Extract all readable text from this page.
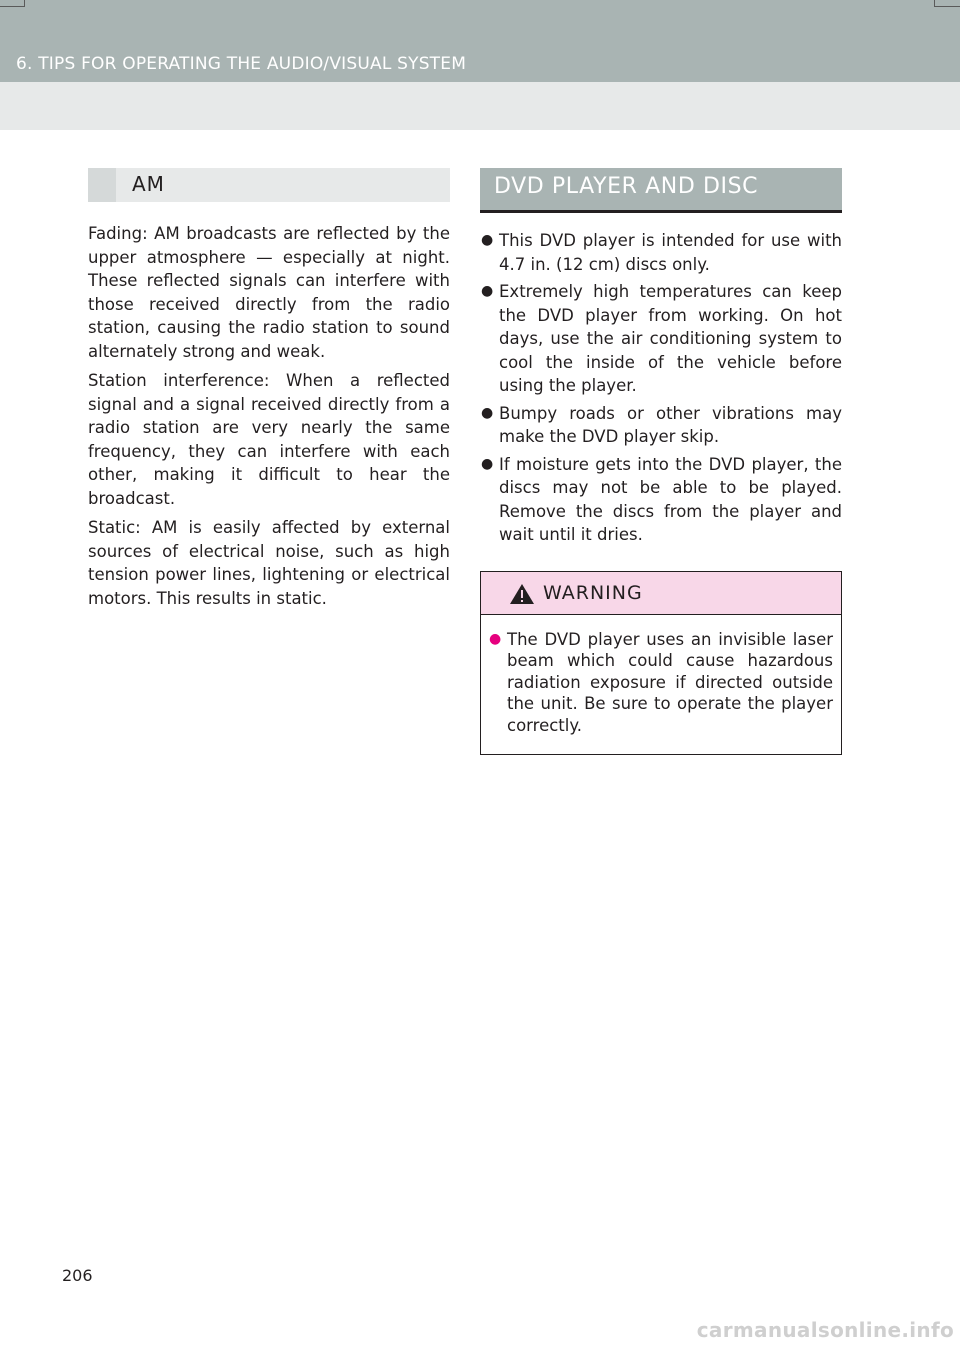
6. TIPS FOR OPERATING THE AUDIO/VISUAL SYSTEM
AM

Fading: AM broadcasts are reflected by the upper atmosphere — especially at night. These reflected signals can interfere with those received directly from the radio station, causing the radio station to sound alternately strong and weak.

Station interference: When a reflected signal and a signal received directly from a radio station are very nearly the same frequency, they can interfere with each other, making it difficult to hear the broadcast.

Static: AM is easily affected by external sources of electrical noise, such as high tension power lines, lightening or electrical motors. This results in static.

DVD PLAYER AND DISC
● This DVD player is intended for use with 4.7 in. (12 cm) discs only.
● Extremely high temperatures can keep the DVD player from working. On hot days, use the air conditioning system to cool the inside of the vehicle before using the player.
● Bumpy roads or other vibrations may make the DVD player skip.
● If moisture gets into the DVD player, the discs may not be able to be played. Remove the discs from the player and wait until it dries.
WARNING
● The DVD player uses an invisible laser beam which could cause hazardous radiation exposure if directed outside the unit. Be sure to operate the player correctly.
206
carmanualsonline.info
